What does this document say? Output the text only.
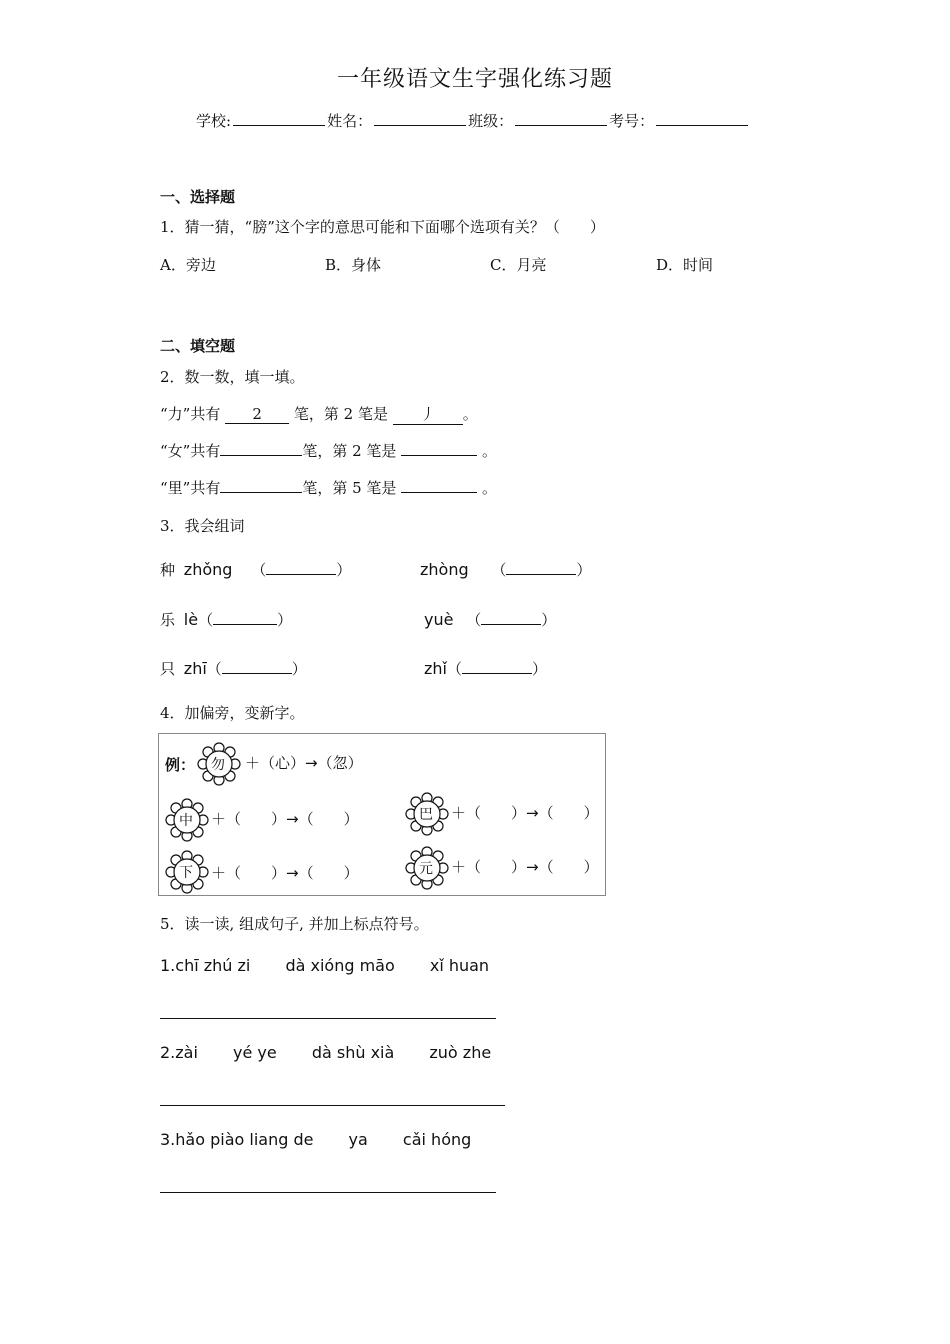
一年级语文生字强化练习题
学校:	姓名：	班级：	考号：
一、选择题
1．猜一猜，“膀”这个字的意思可能和下面哪个选项有关？（　　）
A．旁边	B．身体	C．月亮	D．时间
二、填空题
2．数一数，填一填。
“力”共有 2 笔，第 2 笔是 丿 。
“女”共有	笔，第 2 笔是	。
“里”共有	笔，第 5 笔是	。
3．我会组词
种 zhǒng （	）	zhòng （	）
乐 lè（	）	yuè （	）
只 zhī（	）	zhǐ（	）
4．加偏旁，变新字。
例： 勿 ＋（心）→（忽）
中 ＋（　　）→（　　）	巴 ＋（　　）→（　　）
下 ＋（　　）→（　　）	元 ＋（　　）→（　　）
5．读一读, 组成句子, 并加上标点符号。
1.chī zhú zi dà xióng māo xǐ huan
2.zài yé ye dà shù xià zuò zhe
3.hǎo piào liang de ya cǎi hóng
